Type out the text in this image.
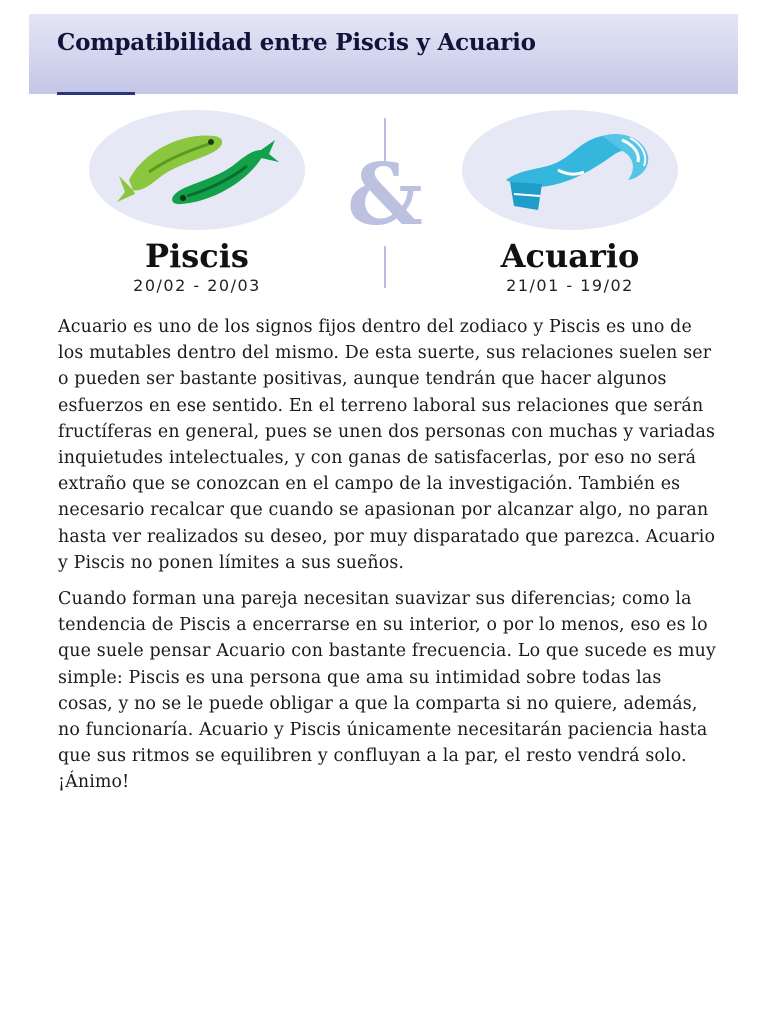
Compatibilidad entre Piscis y Acuario
Piscis
20/02 - 20/03
Acuario
21/01 - 19/02
&

Acuario es uno de los signos fijos dentro del zodiaco y Piscis es uno de los mutables dentro del mismo. De esta suerte, sus relaciones suelen ser o pueden ser bastante positivas, aunque tendrán que hacer algunos esfuerzos en ese sentido. En el terreno laboral sus relaciones que serán fructíferas en general, pues se unen dos personas con muchas y variadas inquietudes intelectuales, y con ganas de satisfacerlas, por eso no será extraño que se conozcan en el campo de la investigación. También es necesario recalcar que cuando se apasionan por alcanzar algo, no paran hasta ver realizados su deseo, por muy disparatado que parezca. Acuario y Piscis no ponen límites a sus sueños.

Cuando forman una pareja necesitan suavizar sus diferencias; como la tendencia de Piscis a encerrarse en su interior, o por lo menos, eso es lo que suele pensar Acuario con bastante frecuencia. Lo que sucede es muy simple: Piscis es una persona que ama su intimidad sobre todas las cosas, y no se le puede obligar a que la comparta si no quiere, además, no funcionaría. Acuario y Piscis únicamente necesitarán paciencia hasta que sus ritmos se equilibren y confluyan a la par, el resto vendrá solo. ¡Ánimo!
